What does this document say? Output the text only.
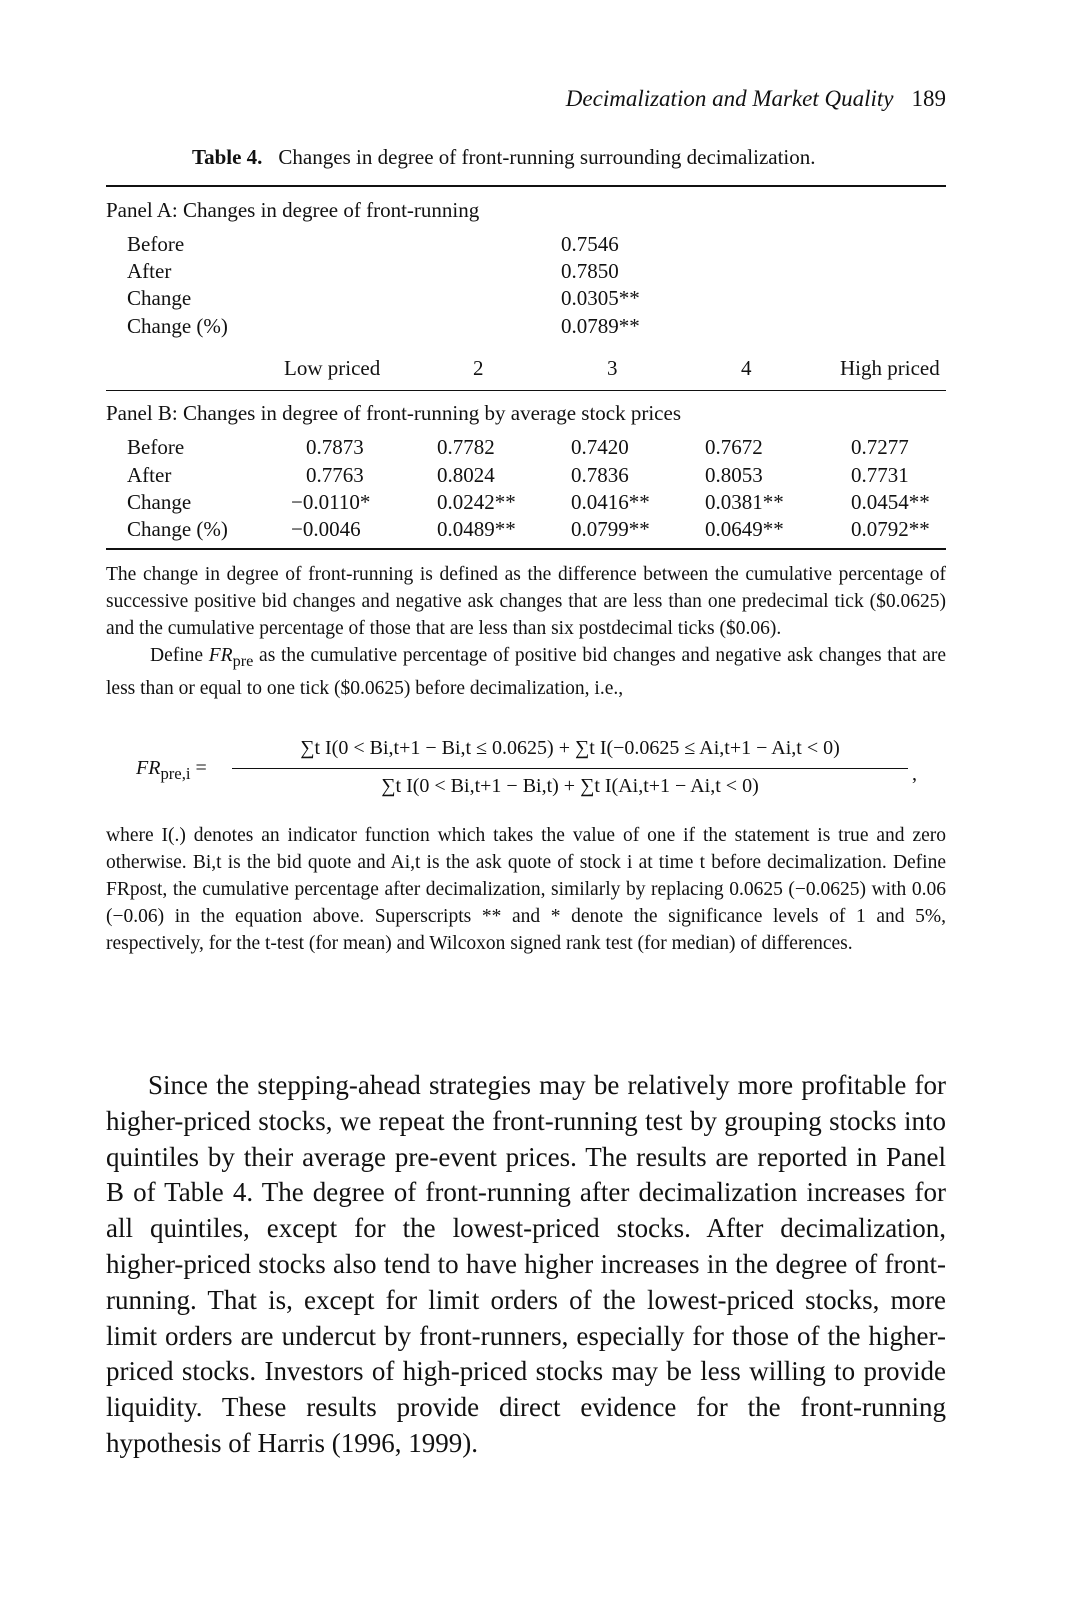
Decimalization and Market Quality 189
Table 4. Changes in degree of front-running surrounding decimalization.
Panel A: Changes in degree of front-running
Before	0.7546
After	0.7850
Change	0.0305**
Change (%)	0.0789**
Low priced	2	3	4	High priced
Panel B: Changes in degree of front-running by average stock prices
Before	0.7873	0.7782	0.7420	0.7672	0.7277
After	0.7763	0.8024	0.7836	0.8053	0.7731
Change	−0.0110*	0.0242**	0.0416**	0.0381**	0.0454**
Change (%)	−0.0046	0.0489**	0.0799**	0.0649**	0.0792**

The change in degree of front-running is defined as the difference between the cumulative percentage of successive positive bid changes and negative ask changes that are less than one predecimal tick ($0.0625) and the cumulative percentage of those that are less than six postdecimal ticks ($0.06).

Define $FR_{pre}$ as the cumulative percentage of positive bid changes and negative ask changes that are less than or equal to one tick ($0.0625) before decimalization, i.e.,

$FR_{pre,i}$ =
∑t I(0 < Bi,t+1 − Bi,t ≤ 0.0625) + ∑t I(−0.0625 ≤ Ai,t+1 − Ai,t < 0)
∑t I(0 < Bi,t+1 − Bi,t) + ∑t I(Ai,t+1 − Ai,t < 0)
,

where I(.) denotes an indicator function which takes the value of one if the statement is true and zero otherwise. Bi,t is the bid quote and Ai,t is the ask quote of stock i at time t before decimalization. Define FRpost, the cumulative percentage after decimalization, similarly by replacing 0.0625 (−0.0625) with 0.06 (−0.06) in the equation above. Superscripts ** and * denote the significance levels of 1 and 5%, respectively, for the t-test (for mean) and Wilcoxon signed rank test (for median) of differences.

Since the stepping-ahead strategies may be relatively more profitable for higher-priced stocks, we repeat the front-running test by grouping stocks into quintiles by their average pre-event prices. The results are reported in Panel B of Table 4. The degree of front-running after decimalization increases for all quintiles, except for the lowest-priced stocks. After decimalization, higher-priced stocks also tend to have higher increases in the degree of front-running. That is, except for limit orders of the lowest-priced stocks, more limit orders are undercut by front-runners, especially for those of the higher-priced stocks. Investors of high-priced stocks may be less willing to provide liquidity. These results provide direct evidence for the front-running hypothesis of Harris (1996, 1999).
